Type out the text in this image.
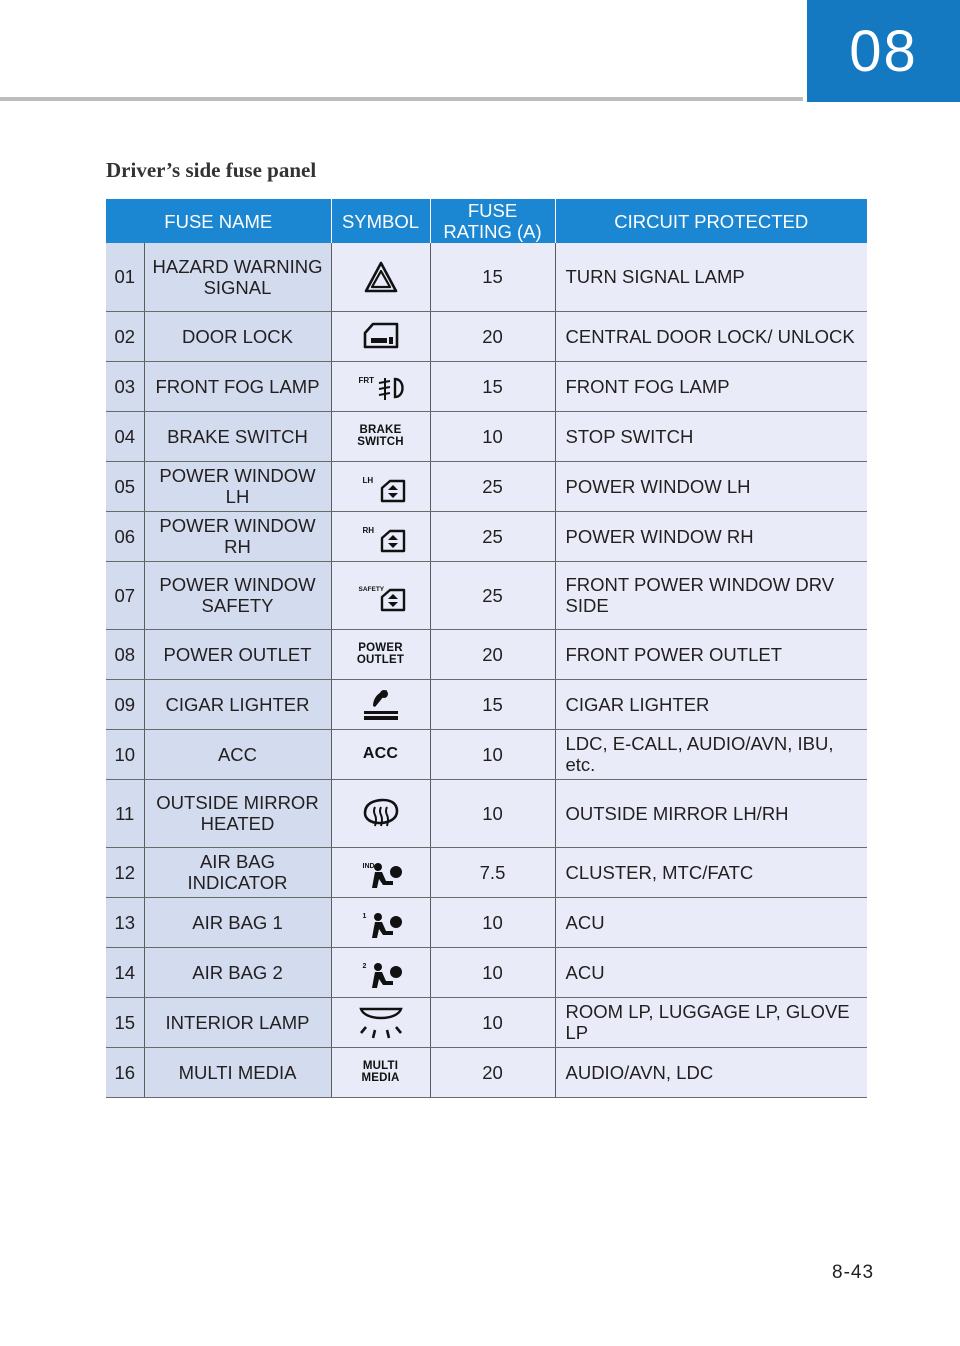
08
Driver’s side fuse panel
FUSE NAME		SYMBOL	FUSE RATING (A)	CIRCUIT PROTECTED
01	HAZARD WARNING SIGNAL		15	TURN SIGNAL LAMP
02	DOOR LOCK		20	CENTRAL DOOR LOCK/ UNLOCK
03	FRONT FOG LAMP	FRT	15	FRONT FOG LAMP
04	BRAKE SWITCH	BRAKE SWITCH	10	STOP SWITCH
05	POWER WINDOW LH	LH	25	POWER WINDOW LH
06	POWER WINDOW RH	RH	25	POWER WINDOW RH
07	POWER WINDOW SAFETY	SAFETY	25	FRONT POWER WINDOW DRV SIDE
08	POWER OUTLET	POWER OUTLET	20	FRONT POWER OUTLET
09	CIGAR LIGHTER		15	CIGAR LIGHTER
10	ACC	ACC	10	LDC, E-CALL, AUDIO/AVN, IBU, etc.
11	OUTSIDE MIRROR HEATED		10	OUTSIDE MIRROR LH/RH
12	AIR BAG INDICATOR	IND	7.5	CLUSTER, MTC/FATC
13	AIR BAG 1	1	10	ACU
14	AIR BAG 2	2	10	ACU
15	INTERIOR LAMP		10	ROOM LP, LUGGAGE LP, GLOVE LP
16	MULTI MEDIA	MULTI MEDIA	20	AUDIO/AVN, LDC
8-43
